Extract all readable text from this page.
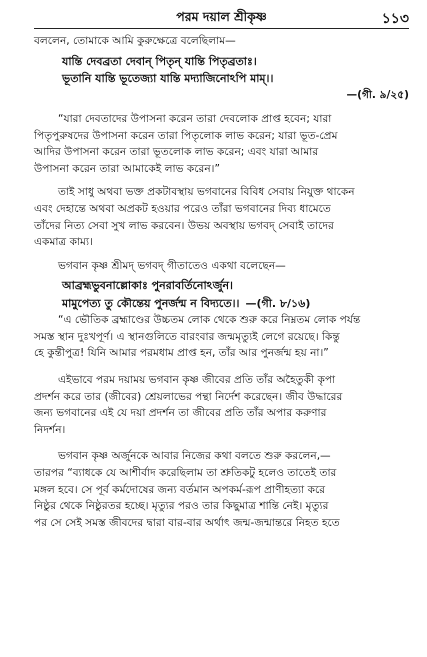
পরম দয়াল শ্রীকৃষ্ণ	১১৩
বললেন, তোমাকে আমি কুরুক্ষেত্রে বলেছিলাম—
যান্তি দেবব্রতা দেবান্ পিতৃন্ যান্তি পিতৃব্রতাঃ।
ভূতানি যান্তি ভূতেজ্যা যান্তি মদ্যাজিনোঽপি মাম্।।
—(গী. ৯/২৫)
“যারা দেবতাদের উপাসনা করেন তারা দেবলোক প্রাপ্ত হবেন; যারা
পিতৃপুরুষদের উপাসনা করেন তারা পিতৃলোক লাভ করেন; যারা ভূত-প্রেম
আদির উপাসনা করেন তারা ভূতলোক লাভ করেন; এবং যারা আমার
উপাসনা করেন তারা আমাকেই লাভ করেন।”
তাই সাধু অথবা ভক্ত প্রকটাবস্থায় ভগবানের বিবিধ সেবায় নিযুক্ত থাকেন
এবং দেহান্তে অথবা অপ্রকট হওয়ার পরেও তাঁরা ভগবানের দিব্য ধামেতে
তাঁদের নিত্য সেবা সুখ লাভ করবেন। উভয় অবস্থায় ভগবদ্ সেবাই তাদের
একমাত্র কাম্য।
ভগবান কৃষ্ণ শ্রীমদ্ ভগবদ্ গীতাতেও একথা বলেছেন—
আব্রহ্মভুবনাল্লোকাঃ পুনরাবর্তিনোঽর্জুন।
মামুপেত্য তু কৌন্তেয় পুনর্জন্ম ন বিদ্যতে।। —(গী. ৮/১৬)
“এ ভৌতিক ব্রহ্মাণ্ডের উচ্চতম লোক থেকে শুরু করে নিম্নতম লোক পর্যন্ত
সমস্ত স্থান দুঃখপূর্ণ। এ স্থানগুলিতে বারংবার জন্মমৃত্যুই লেগে রয়েছে। কিন্তু
হে কুন্তীপুত্র! যিনি আমার পরমধাম প্রাপ্ত হন, তাঁর আর পুনর্জন্ম হয় না।”
এইভাবে পরম দয়াময় ভগবান কৃষ্ণ জীবের প্রতি তাঁর অহৈতুকী কৃপা
প্রদর্শন করে তার (জীবের) শ্রেয়লাভের পন্থা নির্দেশ করেছেন। জীব উদ্ধারের
জন্য ভগবানের এই যে দয়া প্রদর্শন তা জীবের প্রতি তাঁর অপার করুণার
নিদর্শন।
ভগবান কৃষ্ণ অর্জুনকে আবার নিজের কথা বলতে শুরু করলেন,—
তারপর “ব্যাধকে যে আশীর্বাদ করেছিলাম তা শ্রুতিকটু হলেও তাতেই তার
মঙ্গল হবে। সে পূর্ব কর্মদোষের জন্য বর্তমান অপকর্ম-রূপ প্রাণীহত্যা করে
নিষ্ঠুর থেকে নিষ্ঠুরতর হচ্ছে। মৃত্যুর পরও তার কিছুমাত্র শান্তি নেই। মৃত্যুর
পর সে সেই সমস্ত জীবদের দ্বারা বার-বার অর্থাৎ জন্ম-জন্মান্তরে নিহত হতে
